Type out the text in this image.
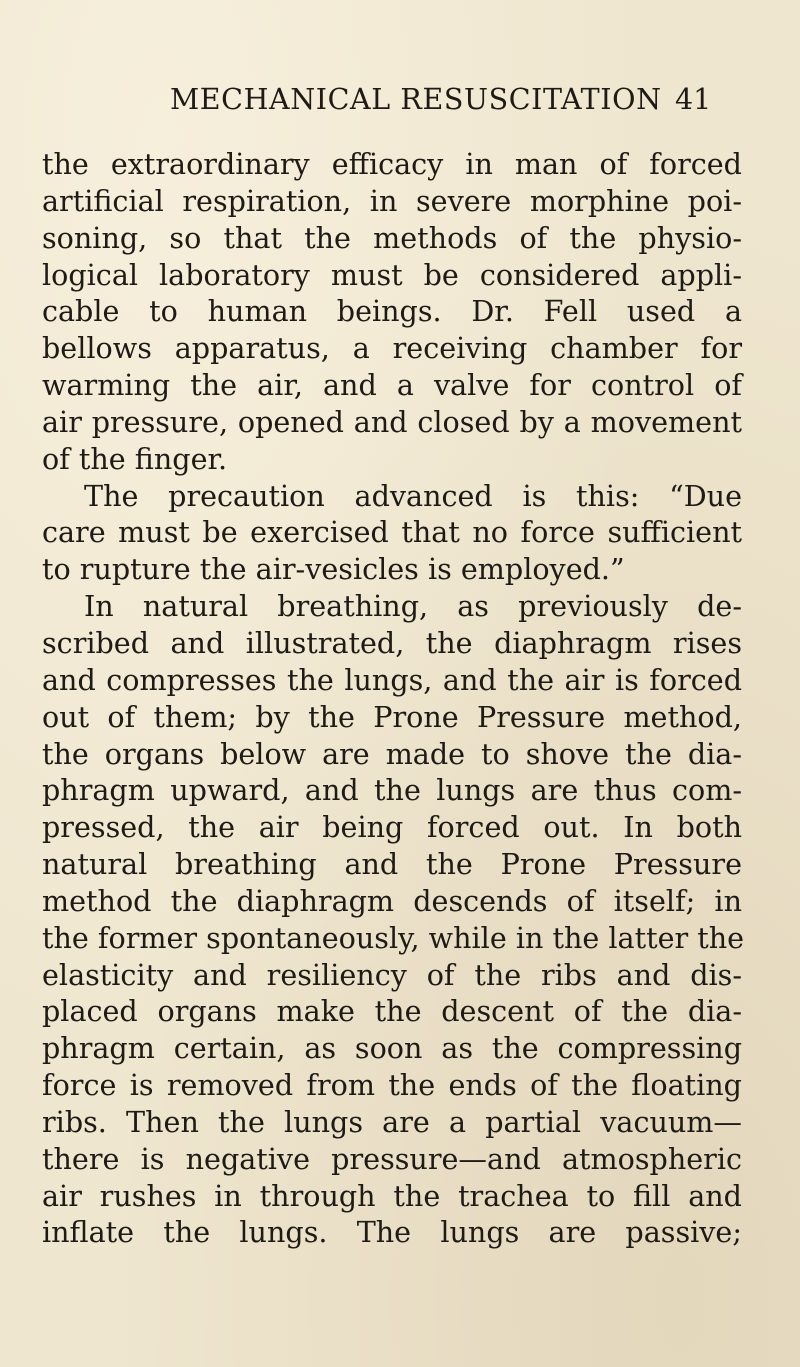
MECHANICAL RESUSCITATION 41
the extraordinary efficacy in man of forced
artificial respiration, in severe morphine poi-
soning, so that the methods of the physio-
logical laboratory must be considered appli-
cable to human beings. Dr. Fell used a
bellows apparatus, a receiving chamber for
warming the air, and a valve for control of
air pressure, opened and closed by a movement
of the finger.
The precaution advanced is this: “Due
care must be exercised that no force sufficient
to rupture the air-vesicles is employed.”
In natural breathing, as previously de-
scribed and illustrated, the diaphragm rises
and compresses the lungs, and the air is forced
out of them; by the Prone Pressure method,
the organs below are made to shove the dia-
phragm upward, and the lungs are thus com-
pressed, the air being forced out. In both
natural breathing and the Prone Pressure
method the diaphragm descends of itself; in
the former spontaneously, while in the latter the
elasticity and resiliency of the ribs and dis-
placed organs make the descent of the dia-
phragm certain, as soon as the compressing
force is removed from the ends of the floating
ribs. Then the lungs are a partial vacuum—
there is negative pressure—and atmospheric
air rushes in through the trachea to fill and
inflate the lungs. The lungs are passive;
